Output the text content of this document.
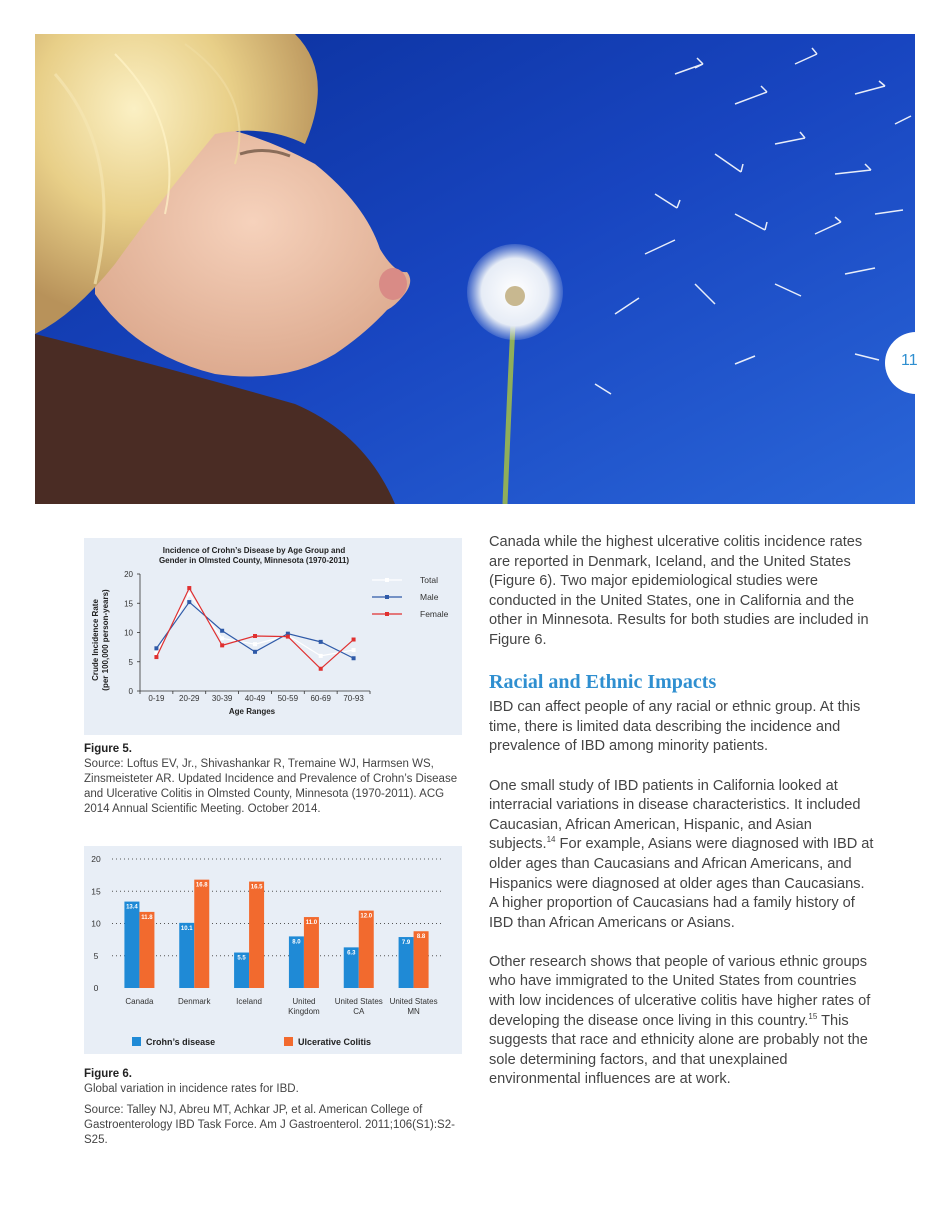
11
Incidence of Crohn’s Disease by Age Group and
Gender in Olmsted County, Minnesota (1970-2011)
Crude Incidence Rate (per 100,000 person-years)
Age Ranges
0
5
10
15
20
0-19 20-29 30-39 40-49 50-59 60-69 70-93
Total
Male
Female

Figure 5.

Source: Loftus EV, Jr., Shivashankar R, Tremaine WJ, Harmsen WS, Zinsmeisteter AR. Updated Incidence and Prevalence of Crohn’s Disease and Ulcerative Colitis in Olmsted County, Minnesota (1970-2011). ACG 2014 Annual Scientific Meeting. October 2014.

0
5
10
15
20
13.4
11.8
10.1
16.8
5.5
16.5
8.0
11.0
6.3
12.0
7.9
8.8
Canada	Denmark	Iceland	United
Kingdom
United States
CA
United States
MN
Crohn’s disease	Ulcerative Colitis

Figure 6.

Global variation in incidence rates for IBD.

Source: Talley NJ, Abreu MT, Achkar JP, et al. American College of Gastroenterology IBD Task Force. Am J Gastroenterol. 2011;106(S1):S2-S25.

Canada while the highest ulcerative colitis incidence rates are reported in Denmark, Iceland, and the United States (Figure 6). Two major epidemiological studies were conducted in the United States, one in California and the other in Minnesota. Results for both studies are included in Figure 6.

Racial and Ethnic Impacts

IBD can affect people of any racial or ethnic group. At this time, there is limited data describing the incidence and prevalence of IBD among minority patients.

One small study of IBD patients in California looked at interracial variations in disease characteristics. It included Caucasian, African American, Hispanic, and Asian subjects.$^{14}$ For example, Asians were diagnosed with IBD at older ages than Caucasians and African Americans, and Hispanics were diagnosed at older ages than Caucasians. A higher proportion of Caucasians had a family history of IBD than African Americans or Asians.

Other research shows that people of various ethnic groups who have immigrated to the United States from countries with low incidences of ulcerative colitis have higher rates of developing the disease once living in this country.$^{15}$ This suggests that race and ethnicity alone are probably not the sole determining factors, and that unexplained environmental influences are at work.
